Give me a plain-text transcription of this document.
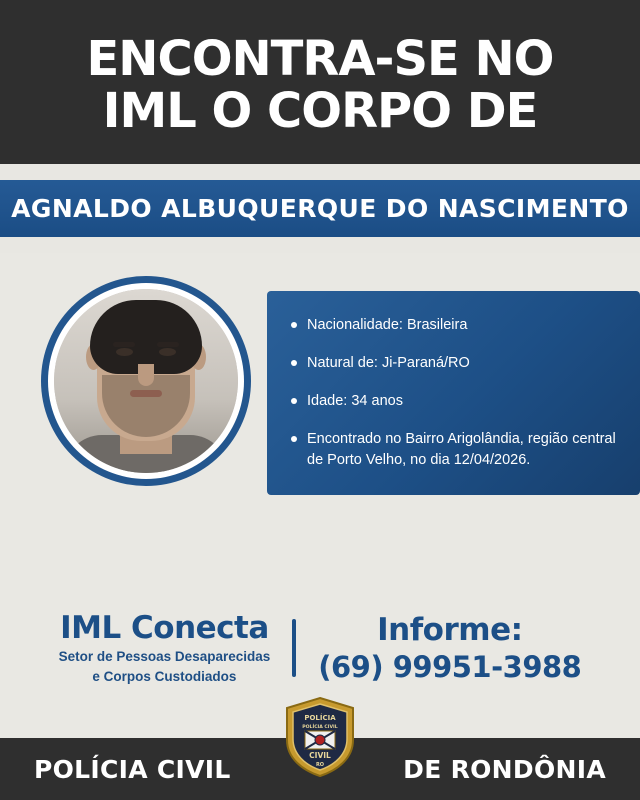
ENCONTRA-SE NO
IML O CORPO DE
AGNALDO ALBUQUERQUE DO NASCIMENTO
Nacionalidade: Brasileira
Natural de: Ji-Paraná/RO
Idade: 34 anos
Encontrado no Bairro Arigolândia, região central de Porto Velho, no dia 12/04/2026.
IML Conecta
Setor de Pessoas Desaparecidas
e Corpos Custodiados
Informe:
(69) 99951-3988
POLÍCIA
POLÍCIA CIVIL
CIVIL
RO
POLÍCIA CIVIL	DE RONDÔNIA
